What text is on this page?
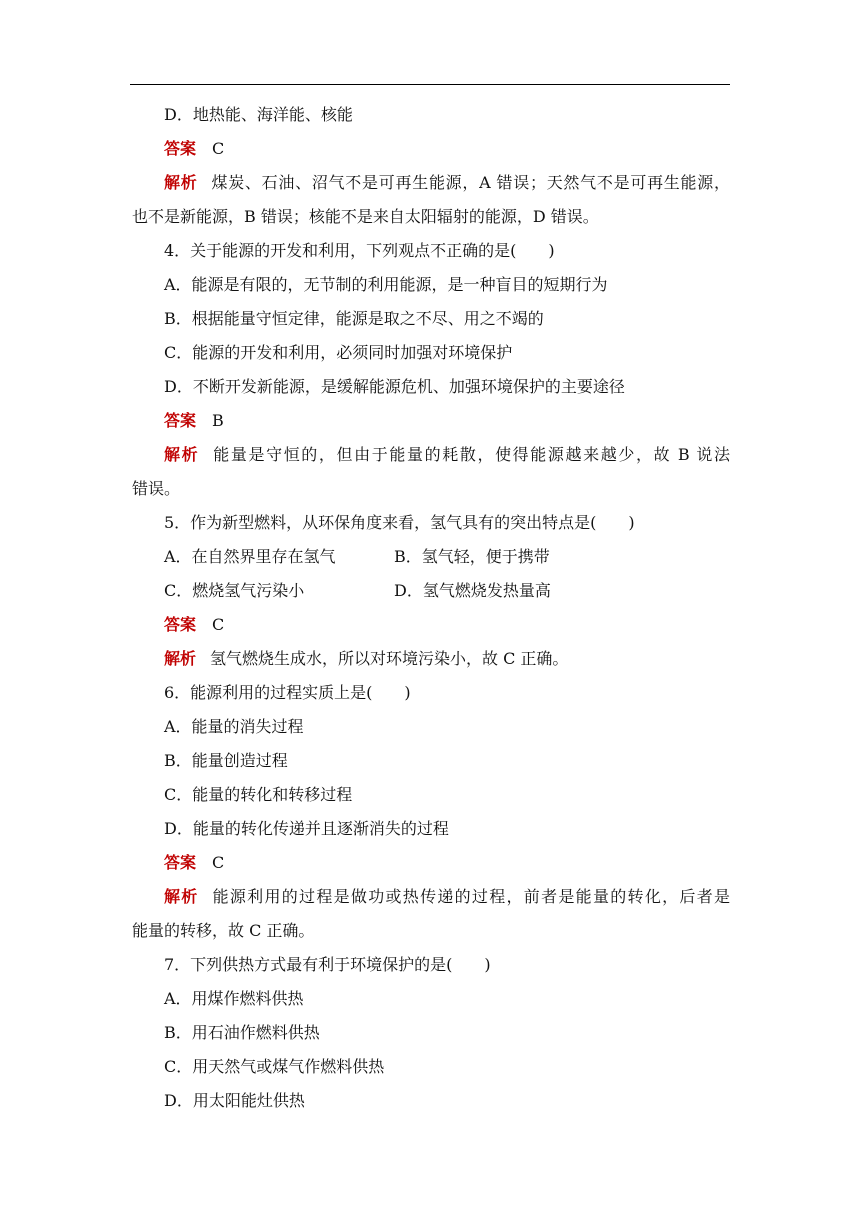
D．地热能、海洋能、核能
答案 C
解析 煤炭、石油、沼气不是可再生能源，A 错误；天然气不是可再生能源，
也不是新能源，B 错误；核能不是来自太阳辐射的能源，D 错误。
4．关于能源的开发和利用，下列观点不正确的是(　　)
A．能源是有限的，无节制的利用能源，是一种盲目的短期行为
B．根据能量守恒定律，能源是取之不尽、用之不竭的
C．能源的开发和利用，必须同时加强对环境保护
D．不断开发新能源，是缓解能源危机、加强环境保护的主要途径
答案 B
解析 能量是守恒的，但由于能量的耗散，使得能源越来越少，故 B 说法
错误。
5．作为新型燃料，从环保角度来看，氢气具有的突出特点是(　　)
A．在自然界里存在氢气	B．氢气轻，便于携带
C．燃烧氢气污染小	D．氢气燃烧发热量高
答案 C
解析 氢气燃烧生成水，所以对环境污染小，故 C 正确。
6．能源利用的过程实质上是(　　)
A．能量的消失过程
B．能量创造过程
C．能量的转化和转移过程
D．能量的转化传递并且逐渐消失的过程
答案 C
解析 能源利用的过程是做功或热传递的过程，前者是能量的转化，后者是
能量的转移，故 C 正确。
7．下列供热方式最有利于环境保护的是(　　)
A．用煤作燃料供热
B．用石油作燃料供热
C．用天然气或煤气作燃料供热
D．用太阳能灶供热
